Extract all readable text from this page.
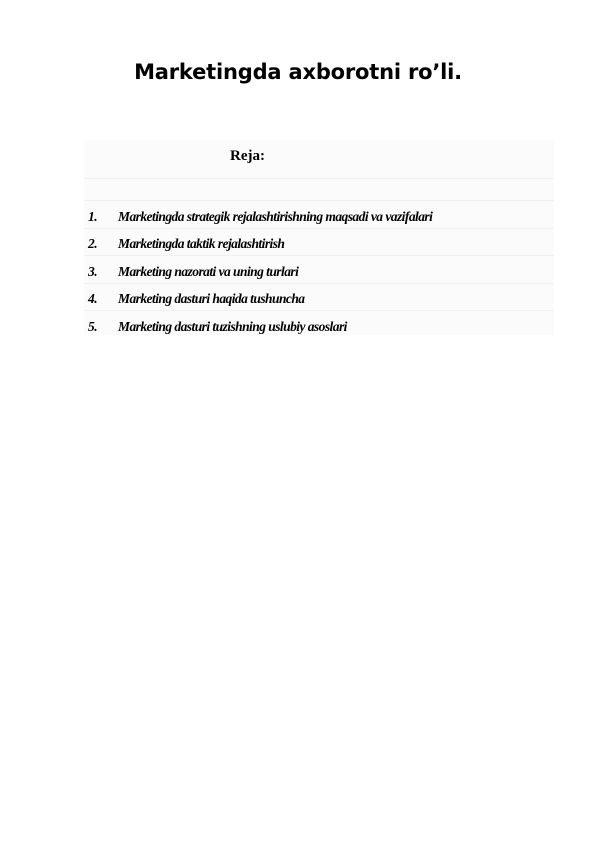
Marketingda axborotni ro’li.
Reja:
1.	Marketingda strategik rejalashtirishning maqsadi va vazifalari
2.	Marketingda taktik rejalashtirish
3.	Marketing nazorati va uning turlari
4.	Marketing dasturi haqida tushuncha
5.	Marketing dasturi tuzishning uslubiy asoslari
